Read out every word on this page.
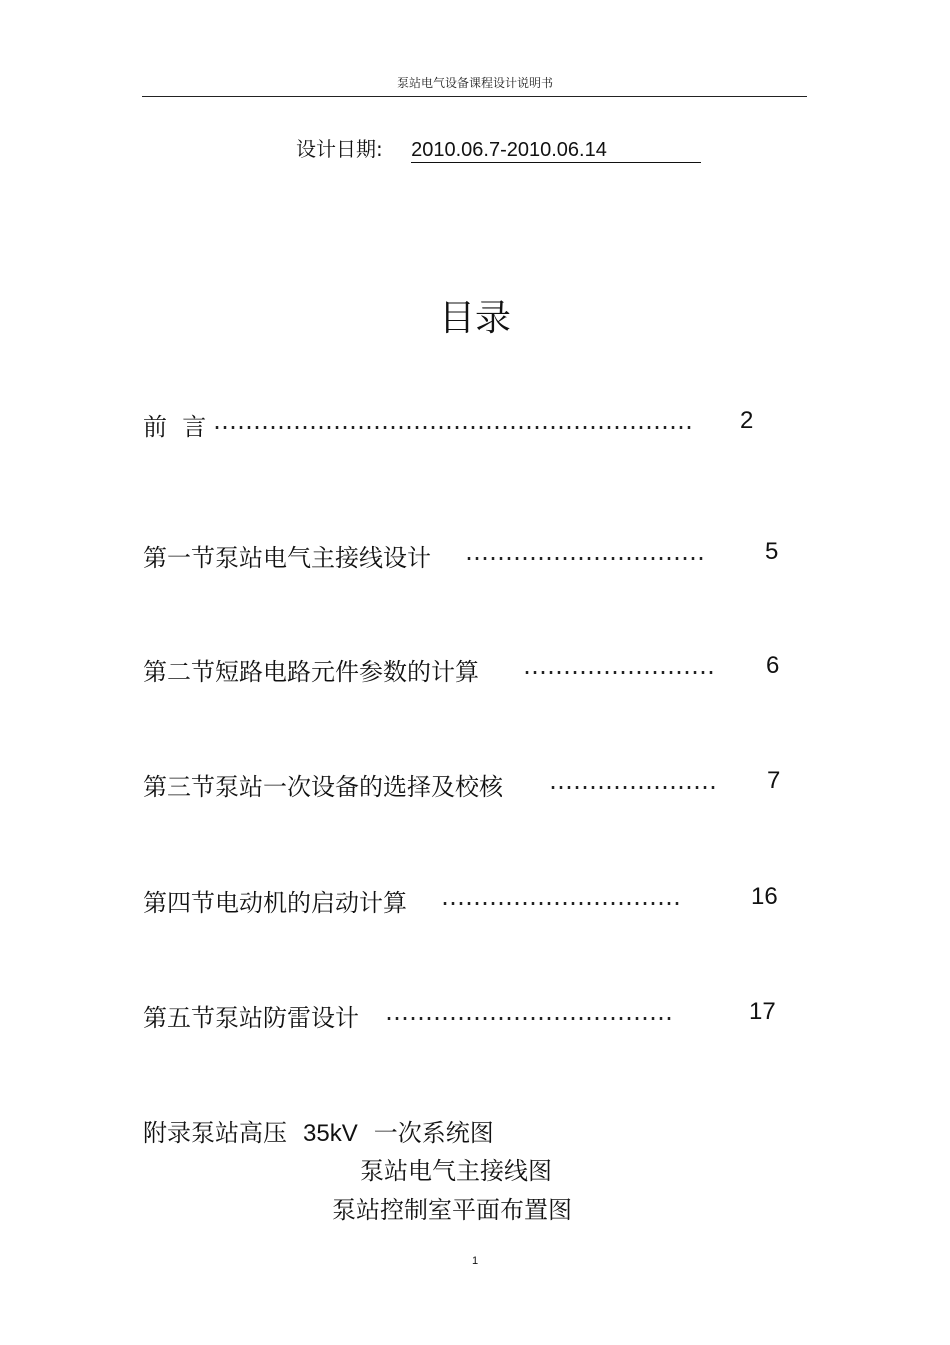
泵站电气设备课程设计说明书
设计日期: 2010.06.7-2010.06.14
目录
前  言 ……………………………………………………	2
第一节泵站电气主接线设计 …………………………	5
第二节短路电路元件参数的计算 ……………………	6
第三节泵站一次设备的选择及校核 …………………	7
第四节电动机的启动计算 …………………………	16
第五节泵站防雷设计 ………………………………	17
附录泵站高压 35kV 一次系统图
泵站电气主接线图
泵站控制室平面布置图
1
